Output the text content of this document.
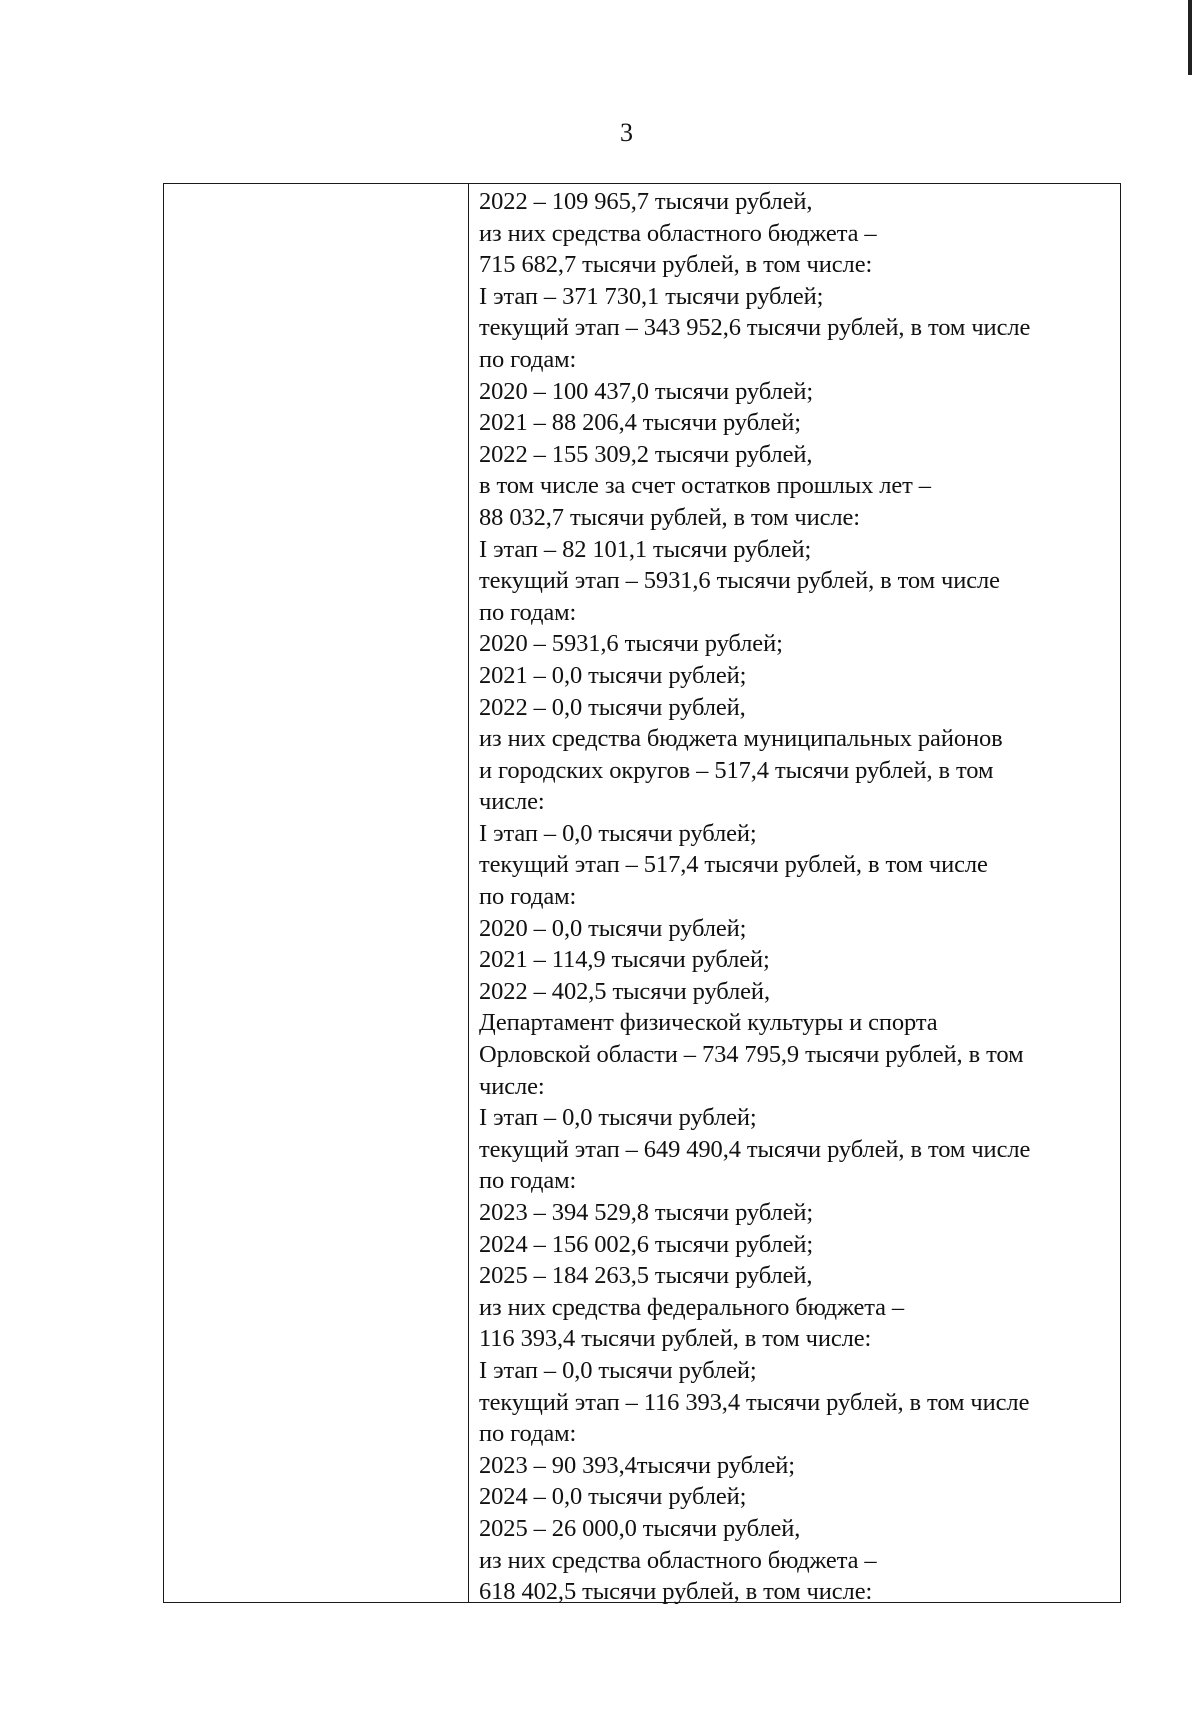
3
2022 – 109 965,7 тысячи рублей,
из них средства областного бюджета –
715 682,7 тысячи рублей, в том числе:
I этап – 371 730,1 тысячи рублей;
текущий этап – 343 952,6 тысячи рублей, в том числе
по годам:
2020 – 100 437,0 тысячи рублей;
2021 – 88 206,4 тысячи рублей;
2022 – 155 309,2 тысячи рублей,
в том числе за счет остатков прошлых лет –
88 032,7 тысячи рублей, в том числе:
I этап – 82 101,1 тысячи рублей;
текущий этап – 5931,6 тысячи рублей, в том числе
по годам:
2020 – 5931,6 тысячи рублей;
2021 – 0,0 тысячи рублей;
2022 – 0,0 тысячи рублей,
из них средства бюджета муниципальных районов
и городских округов – 517,4 тысячи рублей, в том
числе:
I этап – 0,0 тысячи рублей;
текущий этап – 517,4 тысячи рублей, в том числе
по годам:
2020 – 0,0 тысячи рублей;
2021 – 114,9 тысячи рублей;
2022 – 402,5 тысячи рублей,
Департамент физической культуры и спорта
Орловской области – 734 795,9 тысячи рублей, в том
числе:
I этап – 0,0 тысячи рублей;
текущий этап – 649 490,4 тысячи рублей, в том числе
по годам:
2023 – 394 529,8 тысячи рублей;
2024 – 156 002,6 тысячи рублей;
2025 – 184 263,5 тысячи рублей,
из них средства федерального бюджета –
116 393,4 тысячи рублей, в том числе:
I этап – 0,0 тысячи рублей;
текущий этап – 116 393,4 тысячи рублей, в том числе
по годам:
2023 – 90 393,4тысячи рублей;
2024 – 0,0 тысячи рублей;
2025 – 26 000,0 тысячи рублей,
из них средства областного бюджета –
618 402,5 тысячи рублей, в том числе:
